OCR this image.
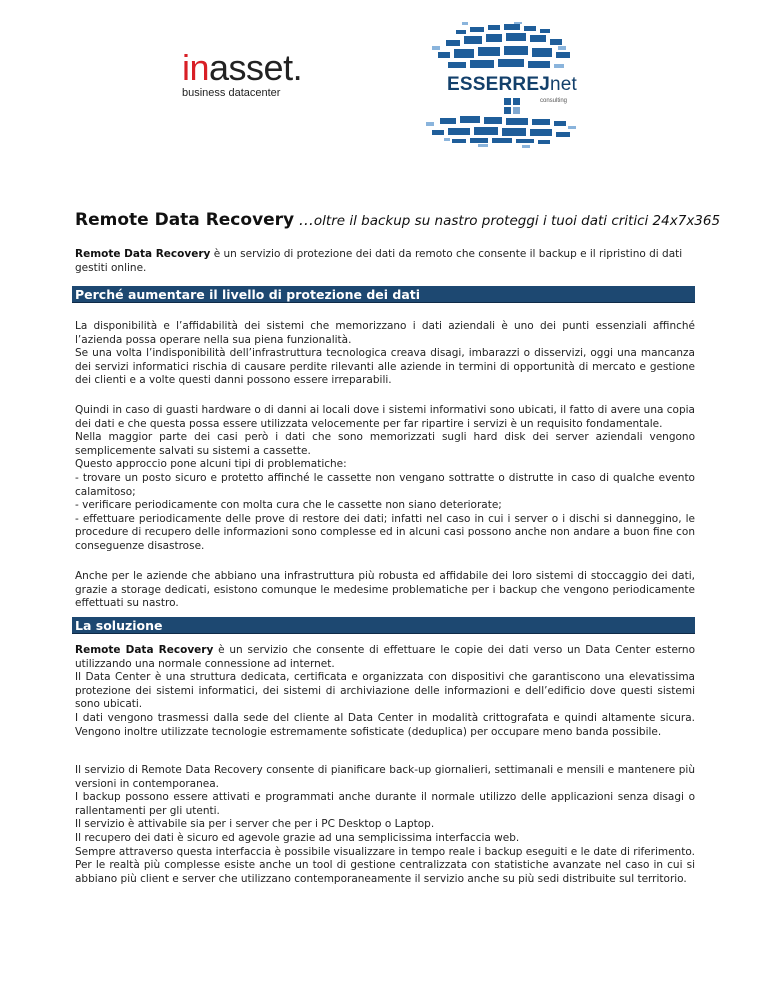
inasset.
business datacenter	ESSERREJnet
consulting
Remote Data Recovery …oltre il backup su nastro proteggi i tuoi dati critici 24x7x365

Remote Data Recovery è un servizio di protezione dei dati da remoto che consente il backup e il ripristino di dati gestiti online.

Perché aumentare il livello di protezione dei dati

La disponibilità e l’affidabilità dei sistemi che memorizzano i dati aziendali è uno dei punti essenziali affinché l’azienda possa operare nella sua piena funzionalità.

Se una volta l’indisponibilità dell’infrastruttura tecnologica creava disagi, imbarazzi o disservizi, oggi una mancanza dei servizi informatici rischia di causare perdite rilevanti alle aziende in termini di opportunità di mercato e gestione dei clienti e a volte questi danni possono essere irreparabili.

Quindi in caso di guasti hardware o di danni ai locali dove i sistemi informativi sono ubicati, il fatto di avere una copia dei dati e che questa possa essere utilizzata velocemente per far ripartire i servizi è un requisito fondamentale.

Nella maggior parte dei casi però i dati che sono memorizzati sugli hard disk dei server aziendali vengono semplicemente salvati su sistemi a cassette.

Questo approccio pone alcuni tipi di problematiche:

- trovare un posto sicuro e protetto affinché le cassette non vengano sottratte o distrutte in caso di qualche evento calamitoso;

- verificare periodicamente con molta cura che le cassette non siano deteriorate;

- effettuare periodicamente delle prove di restore dei dati; infatti nel caso in cui i server o i dischi si danneggino, le procedure di recupero delle informazioni sono complesse ed in alcuni casi possono anche non andare a buon fine con conseguenze disastrose.

Anche per le aziende che abbiano una infrastruttura più robusta ed affidabile dei loro sistemi di stoccaggio dei dati, grazie a storage dedicati, esistono comunque le medesime problematiche per i backup che vengono periodicamente effettuati su nastro.

La soluzione

Remote Data Recovery è un servizio che consente di effettuare le copie dei dati verso un Data Center esterno utilizzando una normale connessione ad internet.

Il Data Center è una struttura dedicata, certificata e organizzata con dispositivi che garantiscono una elevatissima protezione dei sistemi informatici, dei sistemi di archiviazione delle informazioni e dell’edificio dove questi sistemi sono ubicati.

I dati vengono trasmessi dalla sede del cliente al Data Center in modalità crittografata e quindi altamente sicura. Vengono inoltre utilizzate tecnologie estremamente sofisticate (deduplica) per occupare meno banda possibile.

Il servizio di Remote Data Recovery consente di pianificare back-up giornalieri, settimanali e mensili e mantenere più versioni in contemporanea.

I backup possono essere attivati e programmati anche durante il normale utilizzo delle applicazioni senza disagi o rallentamenti per gli utenti.

Il servizio è attivabile sia per i server che per i PC Desktop o Laptop.

Il recupero dei dati è sicuro ed agevole grazie ad una semplicissima interfaccia web.

Sempre attraverso questa interfaccia è possibile visualizzare in tempo reale i backup eseguiti e le date di riferimento.

Per le realtà più complesse esiste anche un tool di gestione centralizzata con statistiche avanzate nel caso in cui si abbiano più client e server che utilizzano contemporaneamente il servizio anche su più sedi distribuite sul territorio.
